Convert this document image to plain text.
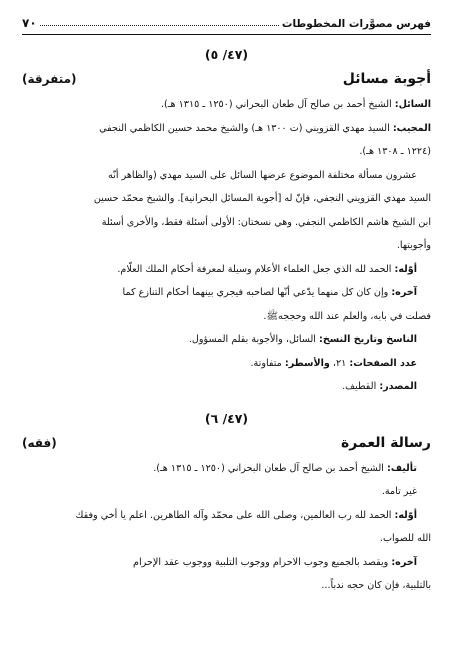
٧٠	فهرس مصوَّرات المخطوطات
(٤٧/ ٥)
أجوبة مسائل
(متفرقة)

السائل: الشيخ أحمد بن صالح آل طعان البحراني (١٢٥٠ ـ ١٣١٥ هـ).

المجيب: السيد مهدي القزويني (ت ١٣٠٠ هـ) والشيخ محمد حسين الكاظمي النجفي

(١٢٢٤ ـ ١٣٠٨ هـ).

عشرون مسألة مختلفة الموضوع عرضها السائل على السيد مهدي (والظاهر أنّه

السيد مهدي القزويني النجفي، فإنّ له [أجوبة المسائل البحرانية]. والشيخ محمّد حسين

ابن الشيخ هاشم الكاظمي النجفي. وهي نسختان: الأولى أسئلة فقط، والأخرى أسئلة

وأجوبتها.

أوّله: الحمد لله الذي جعل العلماء الأعلام وسيلة لمعرفة أحكام الملك العلّام.

آخره: وإن كان كل منهما يدّعي أنّها لصاحبه فيجري بينهما أحكام التنازع كما

فصلت في بابه، والعلم عند الله وحججه‌ﷺ.

الناسخ وتاريخ النسخ: السائل، والأجوبة بقلم المسؤول.

عدد الصفحات: ٢١، والأسطر: متفاوتة.

المصدر: القطيف.

(٤٧/ ٦)
رسالة العمرة
(فقه)

تأليف: الشيخ أحمد بن صالح آل طعان البحراني (١٢٥٠ ـ ١٣١٥ هـ).

غير تامة.

أوّله: الحمد لله رب العالمين، وصلى الله على محمّد وآله الطاهرين. اعلم يا أخي وفقك

الله للصواب.

آخره: ويقصد بالجميع وجوب الاحرام ووجوب التلبية ووجوب عقد الإحرام

بالتلبية، فإن كان حجه ندباً...
